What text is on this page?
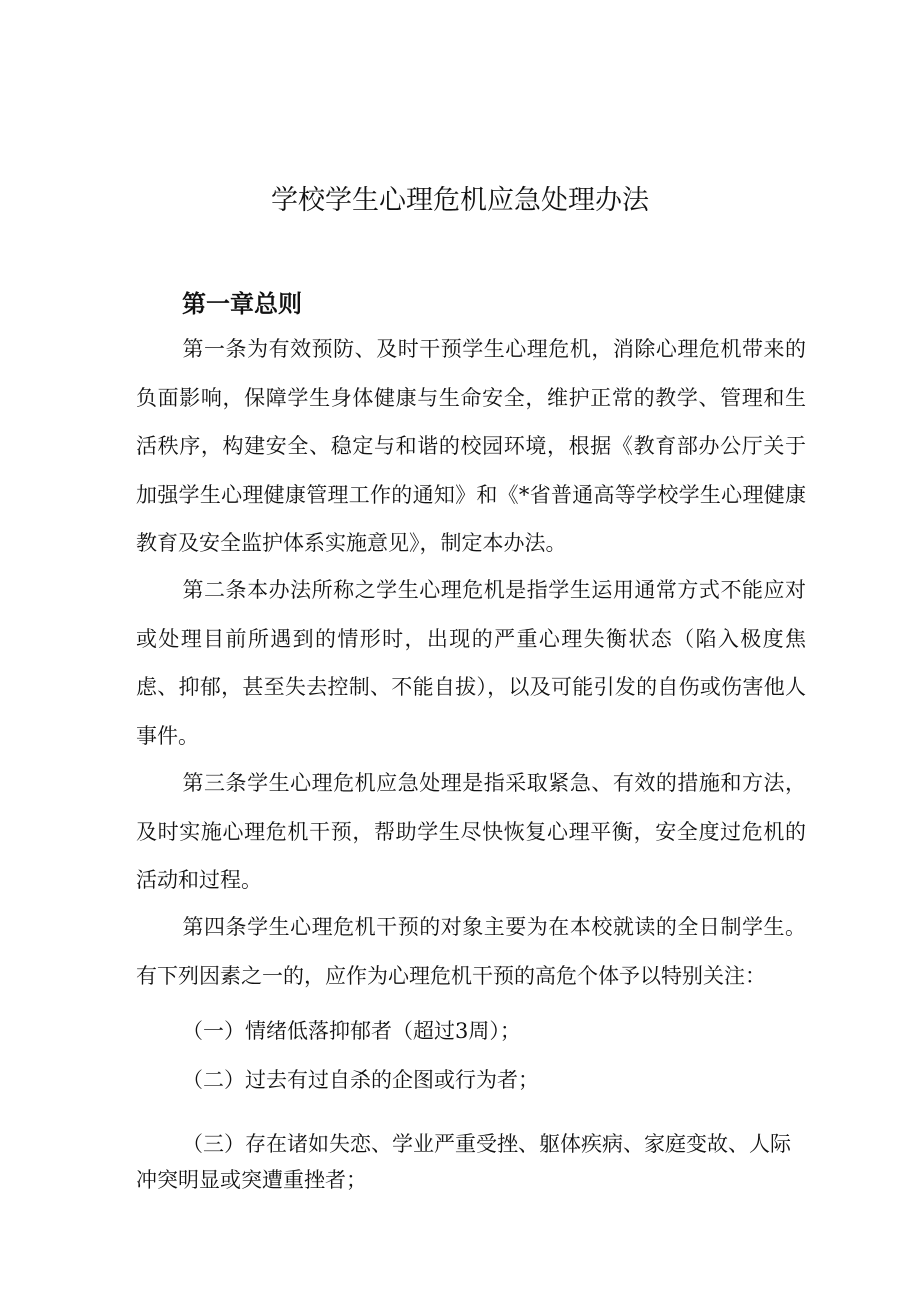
学校学生心理危机应急处理办法
第一章总则

第一条为有效预防、及时干预学生心理危机，消除心理危机带来的负面影响，保障学生身体健康与生命安全，维护正常的教学、管理和生活秩序，构建安全、稳定与和谐的校园环境，根据《教育部办公厅关于加强学生心理健康管理工作的通知》和《*省普通高等学校学生心理健康教育及安全监护体系实施意见》，制定本办法。

第二条本办法所称之学生心理危机是指学生运用通常方式不能应对或处理目前所遇到的情形时，出现的严重心理失衡状态（陷入极度焦虑、抑郁，甚至失去控制、不能自拔），以及可能引发的自伤或伤害他人事件。

第三条学生心理危机应急处理是指采取紧急、有效的措施和方法，及时实施心理危机干预，帮助学生尽快恢复心理平衡，安全度过危机的活动和过程。

第四条学生心理危机干预的对象主要为在本校就读的全日制学生。有下列因素之一的，应作为心理危机干预的高危个体予以特别关注：

（一）情绪低落抑郁者（超过3周）；

（二）过去有过自杀的企图或行为者；

（三）存在诸如失恋、学业严重受挫、躯体疾病、家庭变故、人际冲突明显或突遭重挫者；
